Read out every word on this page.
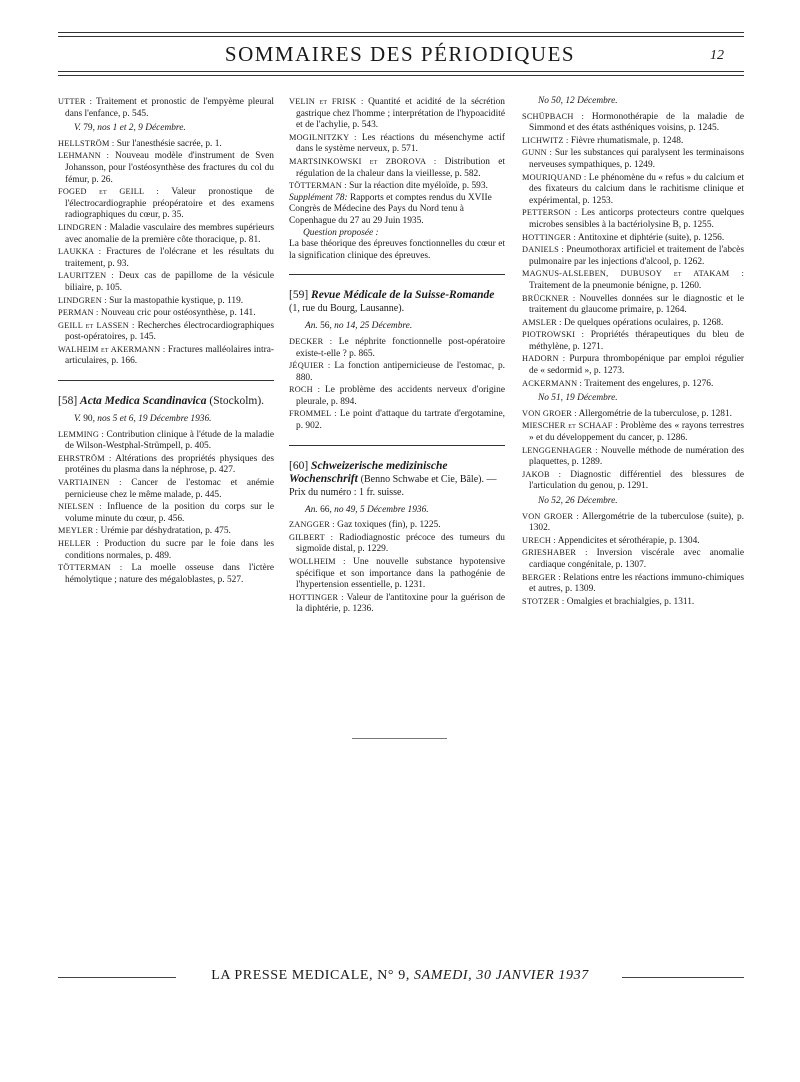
SOMMAIRES DES PÉRIODIQUES	12

UTTER : Traitement et pronostic de l'empyème pleural dans l'enfance, p. 545.

V. 79, nos 1 et 2, 9 Décembre.

HELLSTRÖM : Sur l'anesthésie sacrée, p. 1.

LEHMANN : Nouveau modèle d'instrument de Sven Johansson, pour l'ostéosynthèse des fractures du col du fémur, p. 26.

FOGED et GEILL : Valeur pronostique de l'électrocardiographie préopératoire et des examens radiographiques du cœur, p. 35.

LINDGREN : Maladie vasculaire des membres supérieurs avec anomalie de la première côte thoracique, p. 81.

LAUKKA : Fractures de l'olécrane et les résultats du traitement, p. 93.

LAURITZEN : Deux cas de papillome de la vésicule biliaire, p. 105.

LINDGREN : Sur la mastopathie kystique, p. 119.

PERMAN : Nouveau cric pour ostéosynthèse, p. 141.

GEILL et LASSEN : Recherches électrocardiographiques post-opératoires, p. 145.

WALHEIM et AKERMANN : Fractures malléolaires intra-articulaires, p. 166.

[58] Acta Medica Scandinavica (Stockolm).

V. 90, nos 5 et 6, 19 Décembre 1936.

LEMMING : Contribution clinique à l'étude de la maladie de Wilson-Westphal-Strümpell, p. 405.

EHRSTRÖM : Altérations des propriétés physiques des protéines du plasma dans la néphrose, p. 427.

VARTIAINEN : Cancer de l'estomac et anémie pernicieuse chez le même malade, p. 445.

NIELSEN : Influence de la position du corps sur le volume minute du cœur, p. 456.

MEYLER : Urémie par déshydratation, p. 475.

HELLER : Production du sucre par le foie dans les conditions normales, p. 489.

TÖTTERMAN : La moelle osseuse dans l'ictère hémolytique ; nature des mégaloblastes, p. 527.

VELIN et FRISK : Quantité et acidité de la sécrétion gastrique chez l'homme ; interprétation de l'hypoacidité et de l'achylie, p. 543.

MOGILNITZKY : Les réactions du mésenchyme actif dans le système nerveux, p. 571.

MARTSINKOWSKI et ZBOROVA : Distribution et régulation de la chaleur dans la vieillesse, p. 582.

TÖTTERMAN : Sur la réaction dite myéloïde, p. 593.

Supplément 78: Rapports et comptes rendus du XVIIe Congrès de Médecine des Pays du Nord tenu à Copenhague du 27 au 29 Juin 1935.

Question proposée :

La base théorique des épreuves fonctionnelles du cœur et la signification clinique des épreuves.

[59] Revue Médicale de la Suisse-Romande (1, rue du Bourg, Lausanne).

An. 56, no 14, 25 Décembre.

DECKER : Le néphrite fonctionnelle post-opératoire existe-t-elle ? p. 865.

JÉQUIER : La fonction antipernicieuse de l'estomac, p. 880.

ROCH : Le problème des accidents nerveux d'origine pleurale, p. 894.

FROMMEL : Le point d'attaque du tartrate d'ergotamine, p. 902.

[60] Schweizerische medizinische Wochenschrift (Benno Schwabe et Cie, Bâle). — Prix du numéro : 1 fr. suisse.

An. 66, no 49, 5 Décembre 1936.

ZANGGER : Gaz toxiques (fin), p. 1225.

GILBERT : Radiodiagnostic précoce des tumeurs du sigmoïde distal, p. 1229.

WOLLHEIM : Une nouvelle substance hypotensive spécifique et son importance dans la pathogénie de l'hypertension essentielle, p. 1231.

HOTTINGER : Valeur de l'antitoxine pour la guérison de la diphtérie, p. 1236.

No 50, 12 Décembre.

SCHÜPBACH : Hormonothérapie de la maladie de Simmond et des états asthéniques voisins, p. 1245.

LICHWITZ : Fièvre rhumatismale, p. 1248.

GUNN : Sur les substances qui paralysent les terminaisons nerveuses sympathiques, p. 1249.

MOURIQUAND : Le phénomène du « refus » du calcium et des fixateurs du calcium dans le rachitisme clinique et expérimental, p. 1253.

PETTERSON : Les anticorps protecteurs contre quelques microbes sensibles à la bactériolysine B, p. 1255.

HOTTINGER : Antitoxine et diphtérie (suite), p. 1256.

DANIELS : Pneumothorax artificiel et traitement de l'abcès pulmonaire par les injections d'alcool, p. 1262.

MAGNUS-ALSLEBEN, DUBUSOY et ATAKAM : Traitement de la pneumonie bénigne, p. 1260.

BRÜCKNER : Nouvelles données sur le diagnostic et le traitement du glaucome primaire, p. 1264.

AMSLER : De quelques opérations oculaires, p. 1268.

PIOTROWSKI : Propriétés thérapeutiques du bleu de méthylène, p. 1271.

HADORN : Purpura thrombopénique par emploi régulier de « sedormid », p. 1273.

ACKERMANN : Traitement des engelures, p. 1276.

No 51, 19 Décembre.

VON GROER : Allergométrie de la tuberculose, p. 1281.

MIESCHER et SCHAAF : Problème des « rayons terrestres » et du développement du cancer, p. 1286.

LENGGENHAGER : Nouvelle méthode de numération des plaquettes, p. 1289.

JAKOB : Diagnostic différentiel des blessures de l'articulation du genou, p. 1291.

No 52, 26 Décembre.

VON GROER : Allergométrie de la tuberculose (suite), p. 1302.

URECH : Appendicites et sérothérapie, p. 1304.

GRIESHABER : Inversion viscérale avec anomalie cardiaque congénitale, p. 1307.

BERGER : Relations entre les réactions immuno-chimiques et autres, p. 1309.

STOTZER : Omalgies et brachialgies, p. 1311.

LA PRESSE MEDICALE, N° 9, SAMEDI, 30 JANVIER 1937
